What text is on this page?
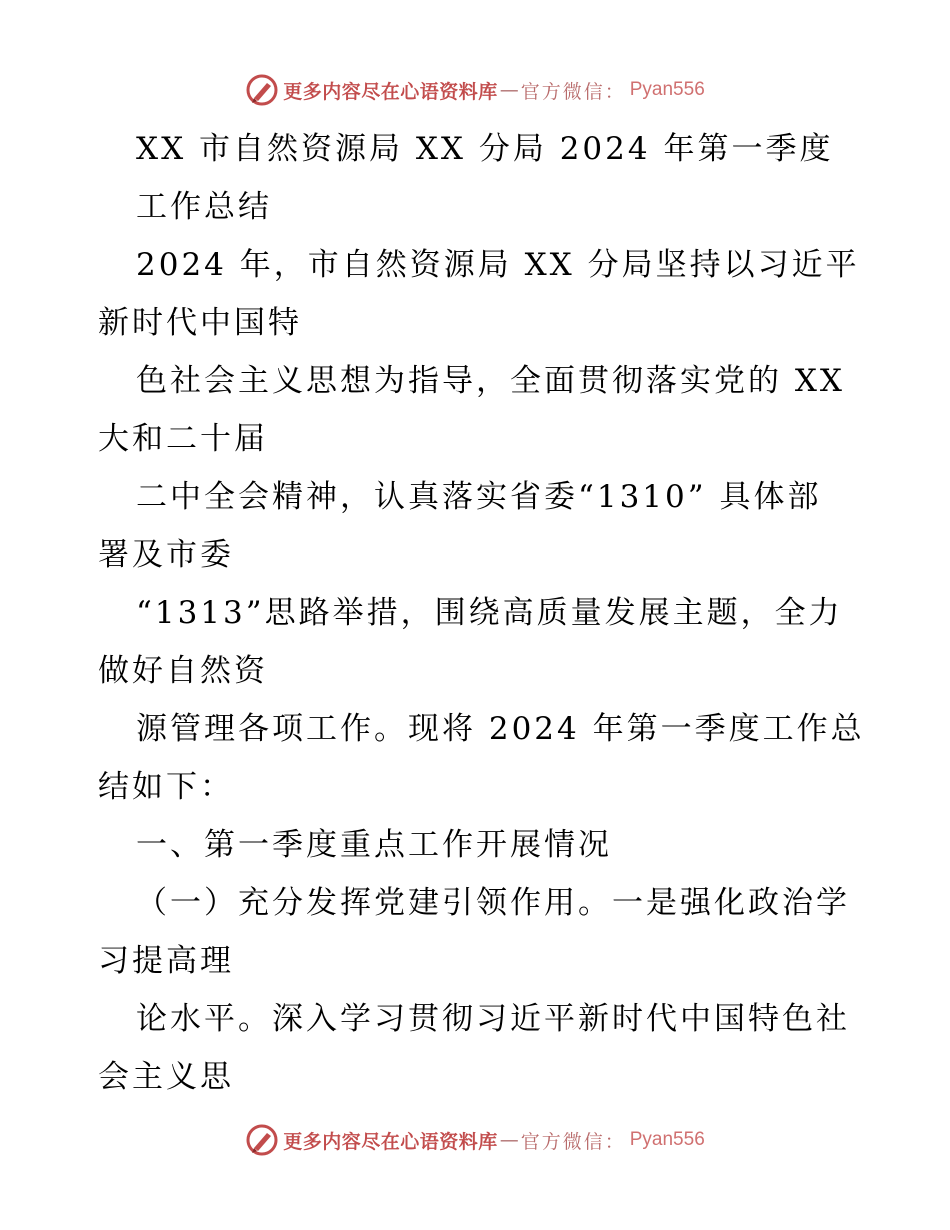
更多内容尽在心语资料库 — 官方微信： Pyan556
XX 市自然资源局 XX 分局 2024 年第一季度
工作总结
2024 年，市自然资源局 XX 分局坚持以习近平
新时代中国特
色社会主义思想为指导，全面贯彻落实党的 XX
大和二十届
二中全会精神，认真落实省委“1310” 具体部
署及市委
“1313”思路举措，围绕高质量发展主题，全力
做好自然资
源管理各项工作。现将 2024 年第一季度工作总
结如下：
一、第一季度重点工作开展情况
（一）充分发挥党建引领作用。一是强化政治学
习提高理
论水平。深入学习贯彻习近平新时代中国特色社
会主义思
更多内容尽在心语资料库 — 官方微信： Pyan556
